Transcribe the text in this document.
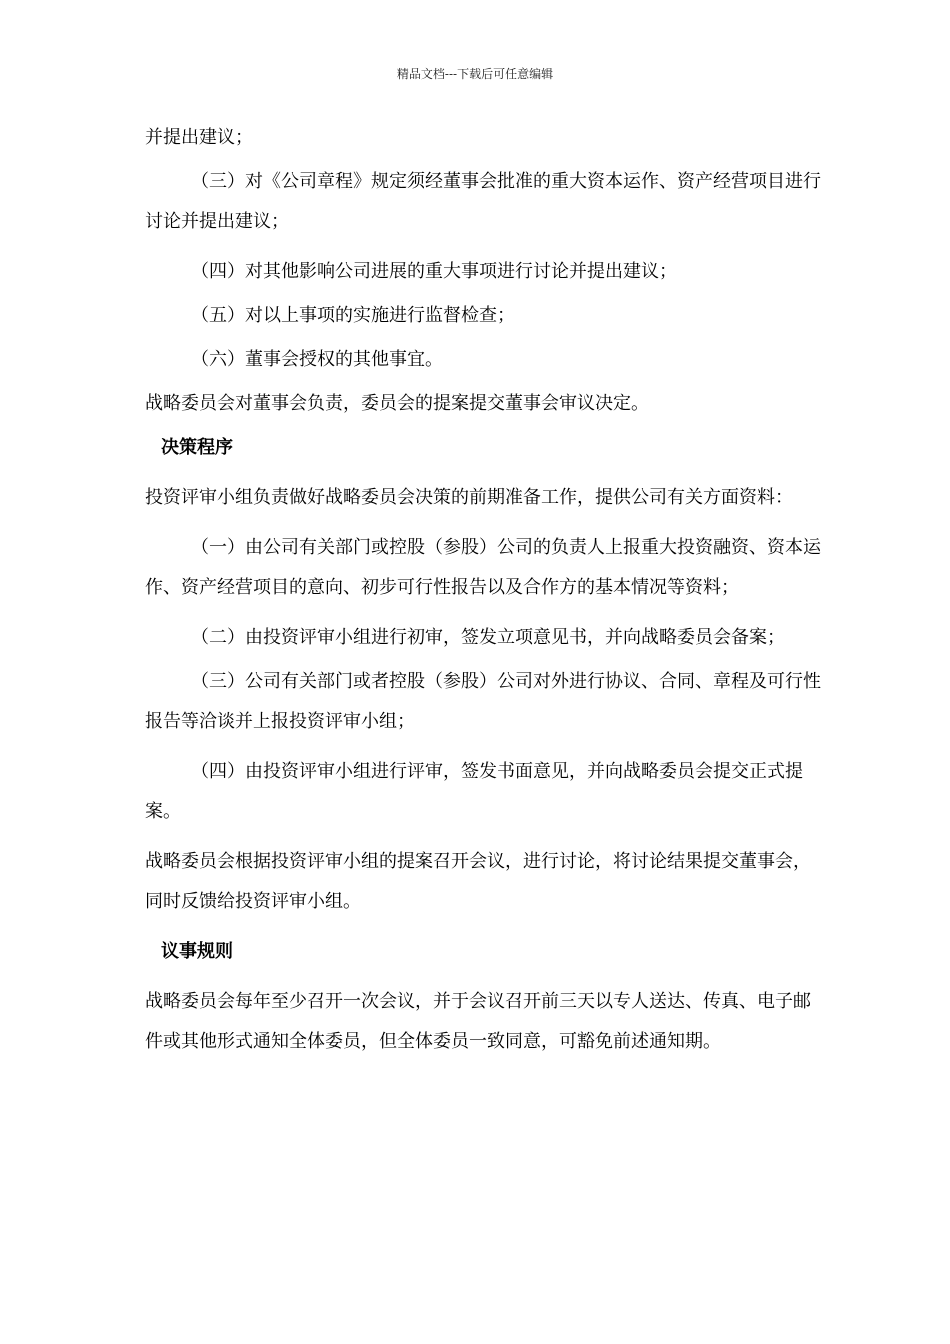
精品文档---下载后可任意编辑

并提出建议；

（三）对《公司章程》规定须经董事会批准的重大资本运作、资产经营项目进行讨论并提出建议；

（四）对其他影响公司进展的重大事项进行讨论并提出建议；

（五）对以上事项的实施进行监督检查；

（六）董事会授权的其他事宜。

战略委员会对董事会负责，委员会的提案提交董事会审议决定。

决策程序

投资评审小组负责做好战略委员会决策的前期准备工作，提供公司有关方面资料：

（一）由公司有关部门或控股（参股）公司的负责人上报重大投资融资、资本运作、资产经营项目的意向、初步可行性报告以及合作方的基本情况等资料；

（二）由投资评审小组进行初审，签发立项意见书，并向战略委员会备案；

（三）公司有关部门或者控股（参股）公司对外进行协议、合同、章程及可行性报告等洽谈并上报投资评审小组；

（四）由投资评审小组进行评审，签发书面意见，并向战略委员会提交正式提案。

战略委员会根据投资评审小组的提案召开会议，进行讨论，将讨论结果提交董事会，同时反馈给投资评审小组。

议事规则

战略委员会每年至少召开一次会议，并于会议召开前三天以专人送达、传真、电子邮件或其他形式通知全体委员，但全体委员一致同意，可豁免前述通知期。
